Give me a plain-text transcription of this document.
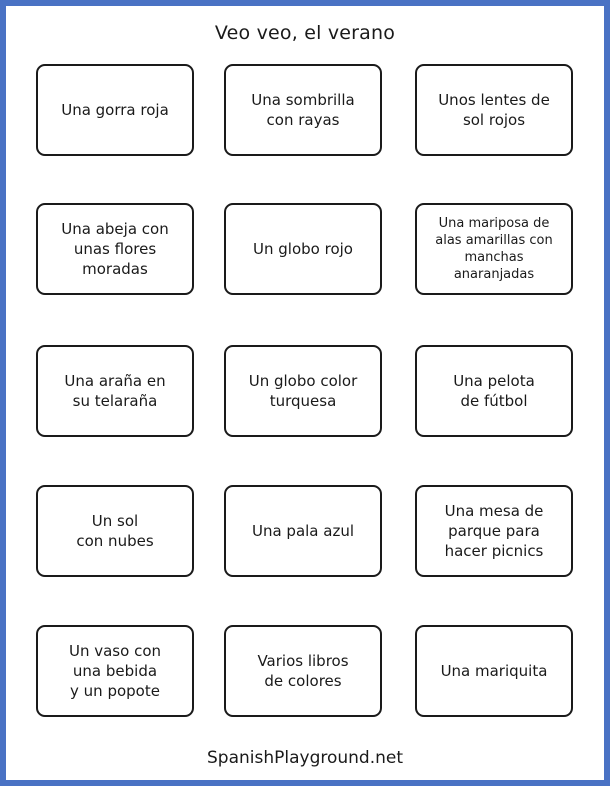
Veo veo, el verano
Una gorra roja
Una sombrilla
con rayas
Unos lentes de
sol rojos
Una abeja con
unas flores
moradas
Un globo rojo
Una mariposa de
alas amarillas con
manchas
anaranjadas
Una araña en
su telaraña
Un globo color
turquesa
Una pelota
de fútbol
Un sol
con nubes
Una pala azul
Una mesa de
parque para
hacer picnics
Un vaso con
una bebida
y un popote
Varios libros
de colores
Una mariquita
SpanishPlayground.net
